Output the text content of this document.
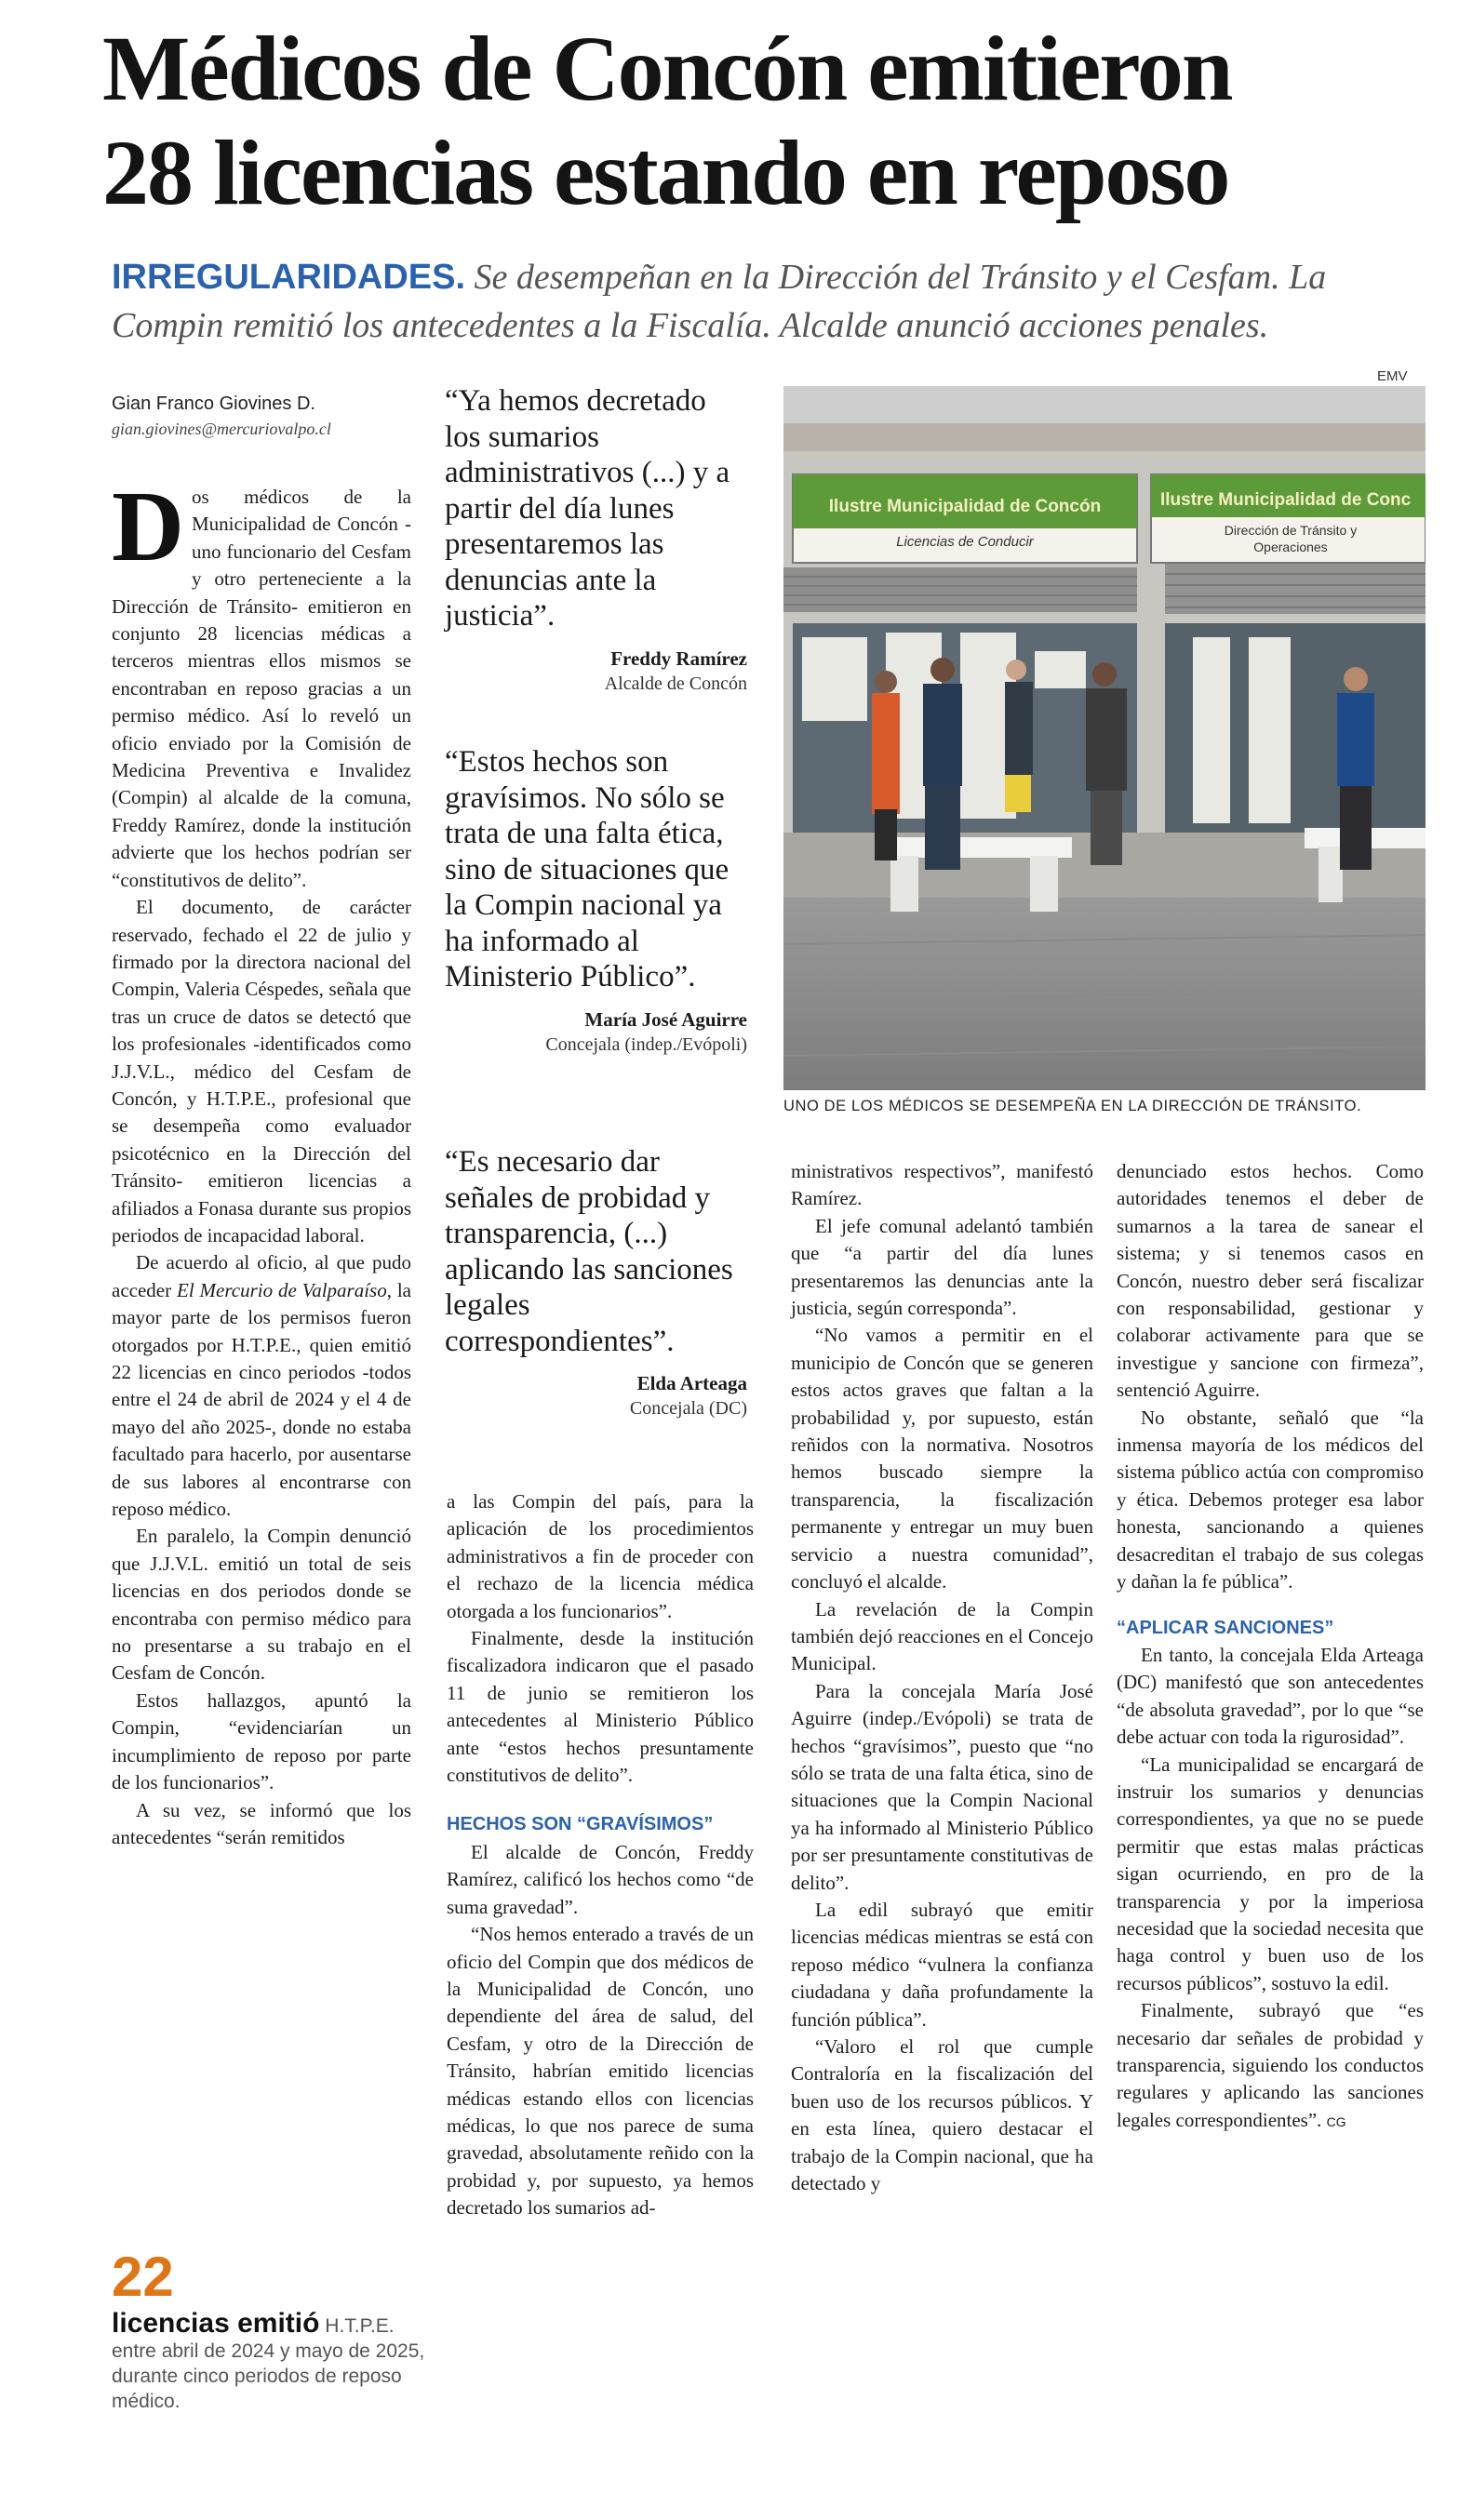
Médicos de Concón emitieron
28 licencias estando en reposo
IRREGULARIDADES. Se desempeñan en la Dirección del Tránsito y el Cesfam. La Compin remitió los antecedentes a la Fiscalía. Alcalde anunció acciones penales.
Gian Franco Giovines D.
gian.giovines@mercuriovalpo.cl

Dos médicos de la Municipalidad de Concón -uno funcionario del Cesfam y otro perteneciente a la Dirección de Tránsito- emitieron en conjunto 28 licencias médicas a terceros mientras ellos mismos se encontraban en reposo gracias a un permiso médico. Así lo reveló un oficio enviado por la Comisión de Medicina Preventiva e Invalidez (Compin) al alcalde de la comuna, Freddy Ramírez, donde la institución advierte que los hechos podrían ser “constitutivos de delito”.

El documento, de carácter reservado, fechado el 22 de julio y firmado por la directora nacional del Compin, Valeria Céspedes, señala que tras un cruce de datos se detectó que los profesionales -identificados como J.J.V.L., médico del Cesfam de Concón, y H.T.P.E., profesional que se desempeña como evaluador psicotécnico en la Dirección del Tránsito- emitieron licencias a afiliados a Fonasa durante sus propios periodos de incapacidad laboral.

De acuerdo al oficio, al que pudo acceder El Mercurio de Valparaíso, la mayor parte de los permisos fueron otorgados por H.T.P.E., quien emitió 22 licencias en cinco periodos -todos entre el 24 de abril de 2024 y el 4 de mayo del año 2025-, donde no estaba facultado para hacerlo, por ausentarse de sus labores al encontrarse con reposo médico.

En paralelo, la Compin denunció que J.J.V.L. emitió un total de seis licencias en dos periodos donde se encontraba con permiso médico para no presentarse a su trabajo en el Cesfam de Concón.

Estos hallazgos, apuntó la Compin, “evidenciarían un incumplimiento de reposo por parte de los funcionarios”.

A su vez, se informó que los antecedentes “serán remitidos

“Ya hemos decretado los sumarios administrativos (...) y a partir del día lunes presentaremos las denuncias ante la justicia”.
Freddy Ramírez
Alcalde de Concón
“Estos hechos son gravísimos. No sólo se trata de una falta ética, sino de situaciones que la Compin nacional ya ha informado al Ministerio Público”.
María José Aguirre
Concejala (indep./Evópoli)
“Es necesario dar señales de probidad y transparencia, (...) aplicando las sanciones legales correspondientes”.
Elda Arteaga
Concejala (DC)
EMV
Ilustre Municipalidad de Concón
Licencias de Conducir
Ilustre Municipalidad de Conc
Dirección de Tránsito y
Operaciones
UNO DE LOS MÉDICOS SE DESEMPEÑA EN LA DIRECCIÓN DE TRÁNSITO.

a las Compin del país, para la aplicación de los procedimientos administrativos a fin de proceder con el rechazo de la licencia médica otorgada a los funcionarios”.

Finalmente, desde la institución fiscalizadora indicaron que el pasado 11 de junio se remitieron los antecedentes al Ministerio Público ante “estos hechos presuntamente constitutivos de delito”.

HECHOS SON “GRAVÍSIMOS”

El alcalde de Concón, Freddy Ramírez, calificó los hechos como “de suma gravedad”.

“Nos hemos enterado a través de un oficio del Compin que dos médicos de la Municipalidad de Concón, uno dependiente del área de salud, del Cesfam, y otro de la Dirección de Tránsito, habrían emitido licencias médicas estando ellos con licencias médicas, lo que nos parece de suma gravedad, absolutamente reñido con la probidad y, por supuesto, ya hemos decretado los sumarios ad-

ministrativos respectivos”, manifestó Ramírez.

El jefe comunal adelantó también que “a partir del día lunes presentaremos las denuncias ante la justicia, según corresponda”.

“No vamos a permitir en el municipio de Concón que se generen estos actos graves que faltan a la probabilidad y, por supuesto, están reñidos con la normativa. Nosotros hemos buscado siempre la transparencia, la fiscalización permanente y entregar un muy buen servicio a nuestra comunidad”, concluyó el alcalde.

La revelación de la Compin también dejó reacciones en el Concejo Municipal.

Para la concejala María José Aguirre (indep./Evópoli) se trata de hechos “gravísimos”, puesto que “no sólo se trata de una falta ética, sino de situaciones que la Compin Nacional ya ha informado al Ministerio Público por ser presuntamente constitutivas de delito”.

La edil subrayó que emitir licencias médicas mientras se está con reposo médico “vulnera la confianza ciudadana y daña profundamente la función pública”.

“Valoro el rol que cumple Contraloría en la fiscalización del buen uso de los recursos públicos. Y en esta línea, quiero destacar el trabajo de la Compin nacional, que ha detectado y

denunciado estos hechos. Como autoridades tenemos el deber de sumarnos a la tarea de sanear el sistema; y si tenemos casos en Concón, nuestro deber será fiscalizar con responsabilidad, gestionar y colaborar activamente para que se investigue y sancione con firmeza”, sentenció Aguirre.

No obstante, señaló que “la inmensa mayoría de los médicos del sistema público actúa con compromiso y ética. Debemos proteger esa labor honesta, sancionando a quienes desacreditan el trabajo de sus colegas y dañan la fe pública”.

“APLICAR SANCIONES”

En tanto, la concejala Elda Arteaga (DC) manifestó que son antecedentes “de absoluta gravedad”, por lo que “se debe actuar con toda la rigurosidad”.

“La municipalidad se encargará de instruir los sumarios y denuncias correspondientes, ya que no se puede permitir que estas malas prácticas sigan ocurriendo, en pro de la transparencia y por la imperiosa necesidad que la sociedad necesita que haga control y buen uso de los recursos públicos”, sostuvo la edil.

Finalmente, subrayó que “es necesario dar señales de probidad y transparencia, siguiendo los conductos regulares y aplicando las sanciones legales correspondientes”. CG

22
licencias emitió H.T.P.E. entre abril de 2024 y mayo de 2025, durante cinco periodos de reposo médico.
